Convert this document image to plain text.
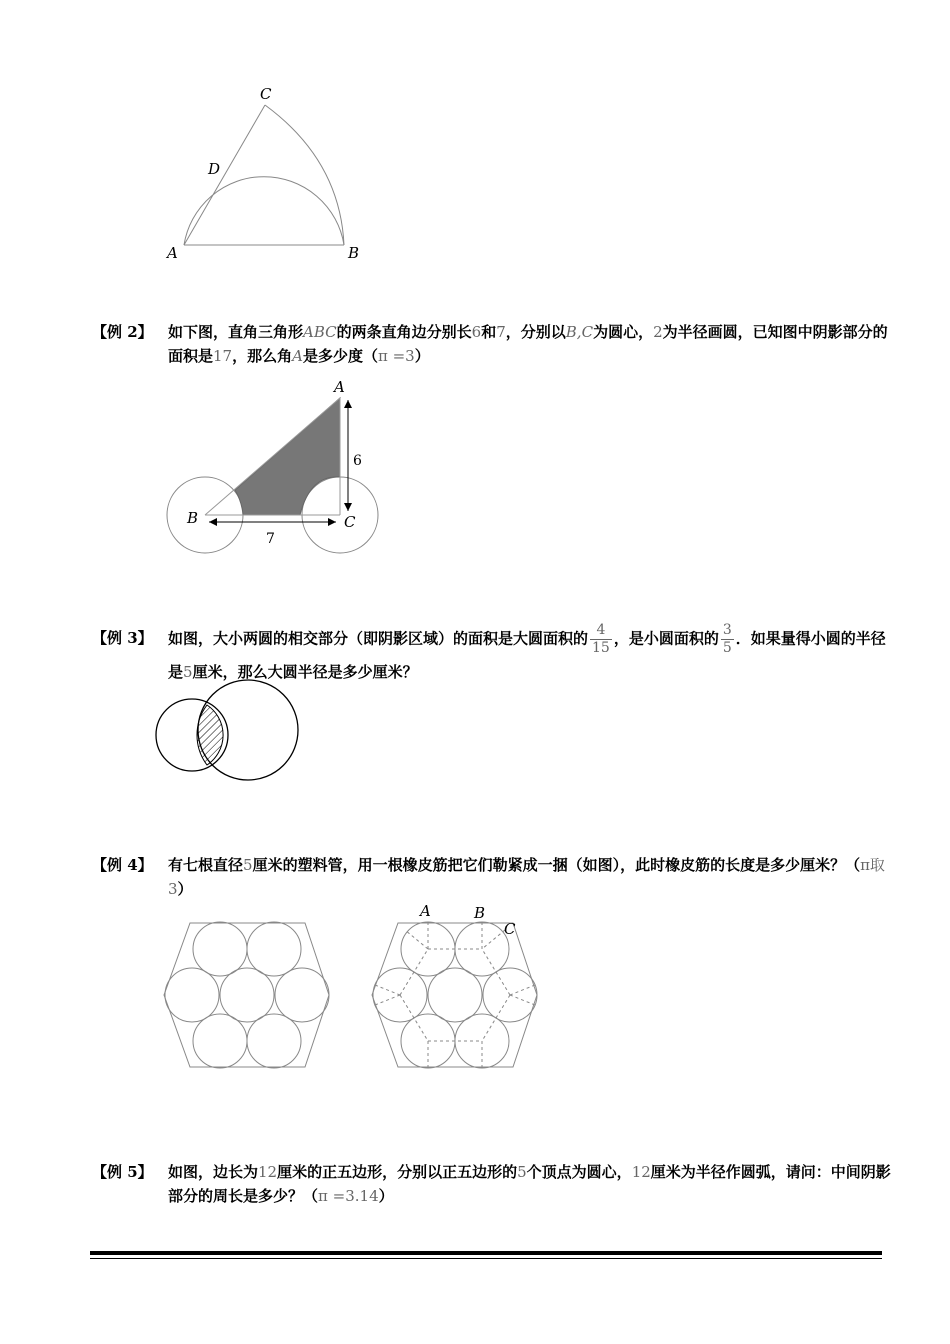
C
D
A	B
【例 2】 如下图，直角三角形ABC的两条直角边分别长6和7，分别以B,C为圆心，2为半径画圆，已知图中阴影部分的面积是17，那么角A是多少度（π =3）
A
B	C
6
7
【例 3】 如图，大小两圆的相交部分（即阴影区域）的面积是大圆面积的 $\frac{4}{15}$ ，是小圆面积的 $\frac{3}{5}$ ．如果量得小圆的半径是5厘米，那么大圆半径是多少厘米？
【例 4】 有七根直径5厘米的塑料管，用一根橡皮筋把它们勒紧成一捆（如图），此时橡皮筋的长度是多少厘米？（π取 3）
A	B
C
【例 5】 如图，边长为12厘米的正五边形，分别以正五边形的5个顶点为圆心，12厘米为半径作圆弧，请问：中间阴影部分的周长是多少？（π =3.14）
